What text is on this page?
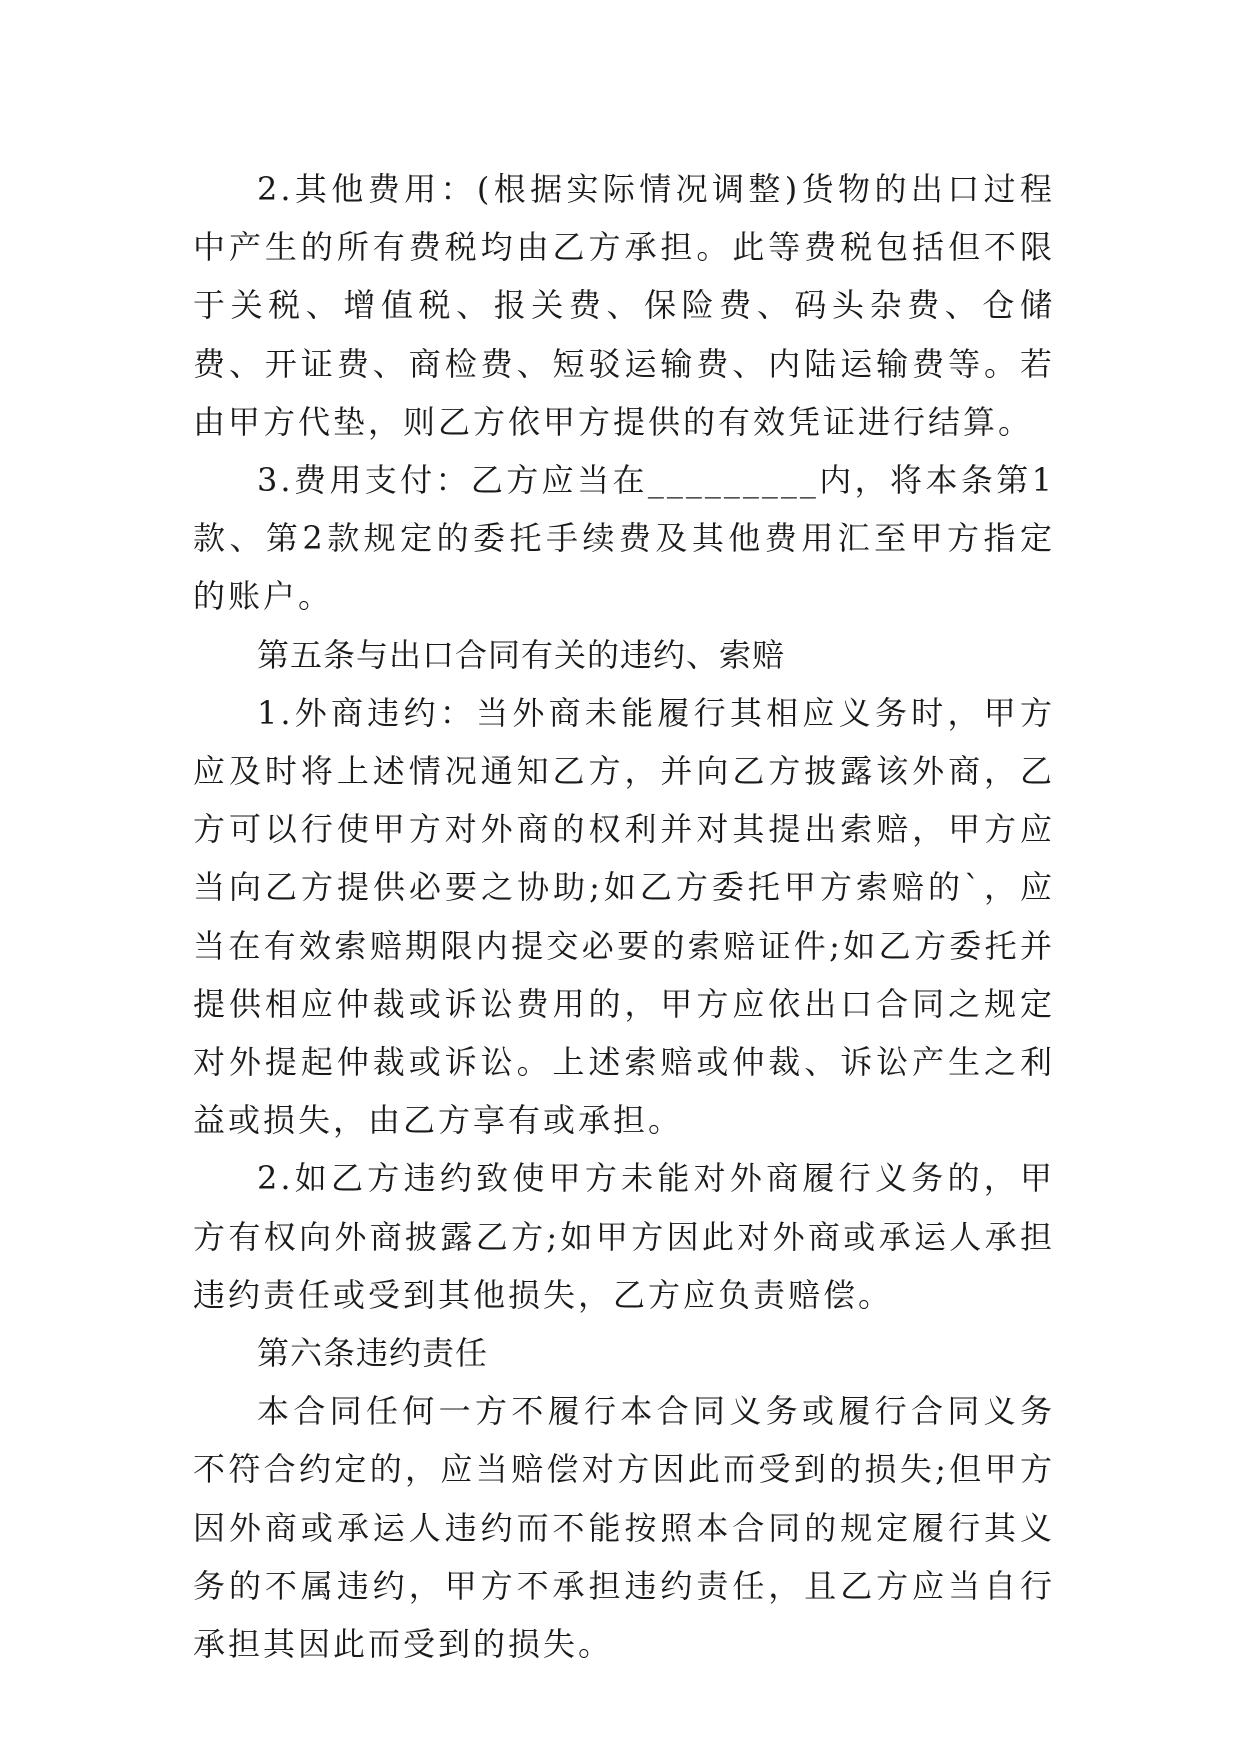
2.其他费用：(根据实际情况调整)货物的出口过程中产生的所有费税均由乙方承担。此等费税包括但不限于关税、增值税、报关费、保险费、码头杂费、仓储费、开证费、商检费、短驳运输费、内陆运输费等。若由甲方代垫，则乙方依甲方提供的有效凭证进行结算。

3.费用支付：乙方应当在_________内，将本条第1款、第2款规定的委托手续费及其他费用汇至甲方指定的账户。

第五条与出口合同有关的违约、索赔

1.外商违约：当外商未能履行其相应义务时，甲方应及时将上述情况通知乙方，并向乙方披露该外商，乙方可以行使甲方对外商的权利并对其提出索赔，甲方应当向乙方提供必要之协助;如乙方委托甲方索赔的`，应当在有效索赔期限内提交必要的索赔证件;如乙方委托并提供相应仲裁或诉讼费用的，甲方应依出口合同之规定对外提起仲裁或诉讼。上述索赔或仲裁、诉讼产生之利益或损失，由乙方享有或承担。

2.如乙方违约致使甲方未能对外商履行义务的，甲方有权向外商披露乙方;如甲方因此对外商或承运人承担违约责任或受到其他损失，乙方应负责赔偿。

第六条违约责任

本合同任何一方不履行本合同义务或履行合同义务不符合约定的，应当赔偿对方因此而受到的损失;但甲方因外商或承运人违约而不能按照本合同的规定履行其义务的不属违约，甲方不承担违约责任，且乙方应当自行承担其因此而受到的损失。
